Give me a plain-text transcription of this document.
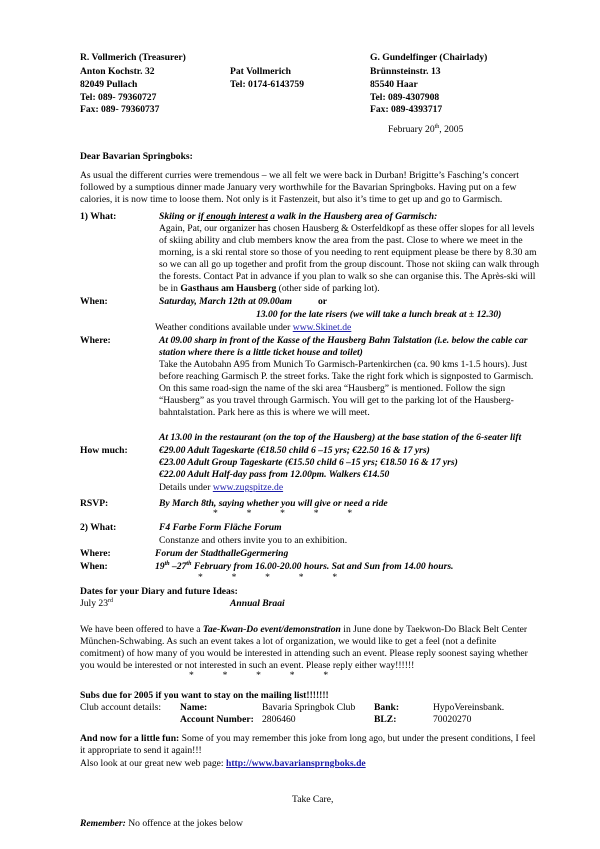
R. Vollmerich (Treasurer)
Anton Kochstr. 32
82049 Pullach
Tel: 089- 79360727
Fax: 089- 79360737
Pat Vollmerich
Tel: 0174-6143759
G. Gundelfinger (Chairlady)
Brünnsteinstr. 13
85540 Haar
Tel: 089-4307908
Fax: 089-4393717
February 20th, 2005
Dear Bavarian Springboks:
As usual the different curries were tremendous – we all felt we were back in Durban! Brigitte’s Fasching’s concert followed by a sumptious dinner made January very worthwhile for the Bavarian Springboks. Having put on a few calories, it is now time to loose them. Not only is it Fastenzeit, but also it’s time to get up and go to Garmisch.
1) What:	Skiing or if enough interest a walk in the Hausberg area of Garmisch:
Again, Pat, our organizer has chosen Hausberg & Osterfeldkopf as these offer slopes for all levels of skiing ability and club members know the area from the past. Close to where we meet in the morning, is a ski rental store so those of you needing to rent equipment please be there by 8.30 am so we can all go up together and profit from the group discount. Those not skiing can walk through the forests. Contact Pat in advance if you plan to walk so she can organise this. The Après-ski will be in Gasthaus am Hausberg (other side of parking lot).
When:	Saturday, March 12th at 09.00am	or
13.00 for the late risers (we will take a lunch break at ± 12.30)
Weather conditions available under www.Skinet.de
Where:	At 09.00 sharp in front of the Kasse of the Hausberg Bahn Talstation (i.e. below the cable car station where there is a little ticket house and toilet)
Take the Autobahn A95 from Munich To Garmisch-Partenkirchen (ca. 90 kms 1-1.5 hours). Just before reaching Garmisch P. the street forks. Take the right fork which is signposted to Garmisch. On this same road-sign the name of the ski area “Hausberg” is mentioned. Follow the sign “Hausberg” as you travel through Garmisch. You will get to the parking lot of the Hausberg-bahntalstation. Park here as this is where we will meet.
At 13.00 in the restaurant (on the top of the Hausberg) at the base station of the 6-seater lift
How much:	€29.00 Adult Tageskarte (€18.50 child 6 –15 yrs; €22.50 16 & 17 yrs)
€23.00 Adult Group Tageskarte (€15.50 child 6 –15 yrs; €18.50 16 & 17 yrs)
€22.00 Adult Half-day pass from 12.00pm. Walkers €14.50
Details under www.zugspitze.de
RSVP:	By March 8th, saying whether you will give or need a ride
*            *            *            *            *
2) What:	F4 Farbe Form Fläche Forum
Constanze and others invite you to an exhibition.
Where:	Forum der StadthalleGgermering
When:	19th –27th February from 16.00-20.00 hours. Sat and Sun from 14.00 hours.
*            *            *            *            *
Dates for your Diary and future Ideas:
July 23rd	Annual Braai
We have been offered to have a Tae-Kwan-Do event/demonstration in June done by Taekwon-Do Black Belt Center München-Schwabing. As such an event takes a lot of organization, we would like to get a feel (not a definite comitment) of how many of you would be interested in attending such an event. Please reply soonest saying whether you would be interested or not interested in such an event. Please reply either way!!!!!!
*            *            *            *            *
Subs due for 2005 if you want to stay on the mailing list!!!!!!!
Club account details: Name:	Bavaria Springbok Club Bank:	HypoVereinsbank.
Account Number: 2806460	BLZ:	70020270
And now for a little fun: Some of you may remember this joke from long ago, but under the present conditions, I feel it appropriate to send it again!!!
Also look at our great new web page: http://www.bavariansprngboks.de
Take Care,
Remember: No offence at the jokes below
